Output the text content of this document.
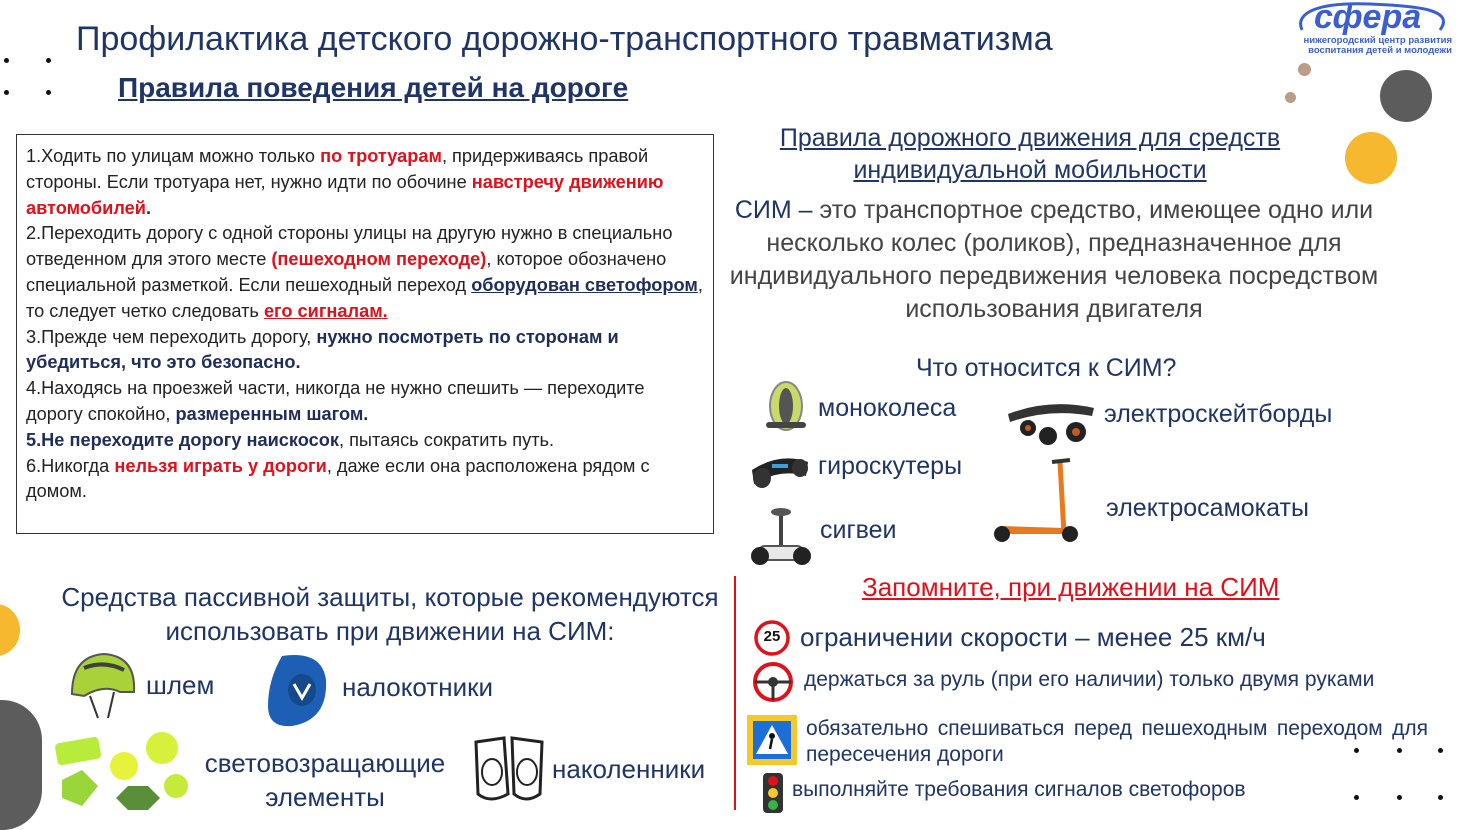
сфера
нижегородский центр развития
воспитания детей и молодежи
Профилактика детского дорожно-транспортного травматизма
Правила поведения детей на дороге

1.Ходить по улицам можно только по тротуарам, придерживаясь правой стороны. Если тротуара нет, нужно идти по обочине навстречу движению автомобилей.

2.Переходить дорогу с одной стороны улицы на другую нужно в специально отведенном для этого месте (пешеходном переходе), которое обозначено специальной разметкой. Если пешеходный переход оборудован светофором, то следует четко следовать его сигналам.

3.Прежде чем переходить дорогу, нужно посмотреть по сторонам и убедиться, что это безопасно.

4.Находясь на проезжей части, никогда не нужно спешить — переходите дорогу спокойно, размеренным шагом.

5.Не переходите дорогу наискосок, пытаясь сократить путь.

6.Никогда нельзя играть у дороги, даже если она расположена рядом с домом.

Правила дорожного движения для средств индивидуальной мобильности
СИМ – это транспортное средство, имеющее одно или несколько колес (роликов), предназначенное для индивидуального передвижения человека посредством использования двигателя
Что относится к СИМ?
моноколеса	электроскейтборды
гироскутеры
электросамокаты
сигвеи
Средства пассивной защиты, которые рекомендуются использовать при движении на СИМ:
шлем	налокотники
световозращающие элементы
наколенники
Запомните, при движении на СИМ
25 ограничении скорости – менее 25 км/ч
держаться за руль (при его наличии) только двумя руками
обязательно спешиваться перед пешеходным переходом для пересечения дороги
выполняйте требования сигналов светофоров
